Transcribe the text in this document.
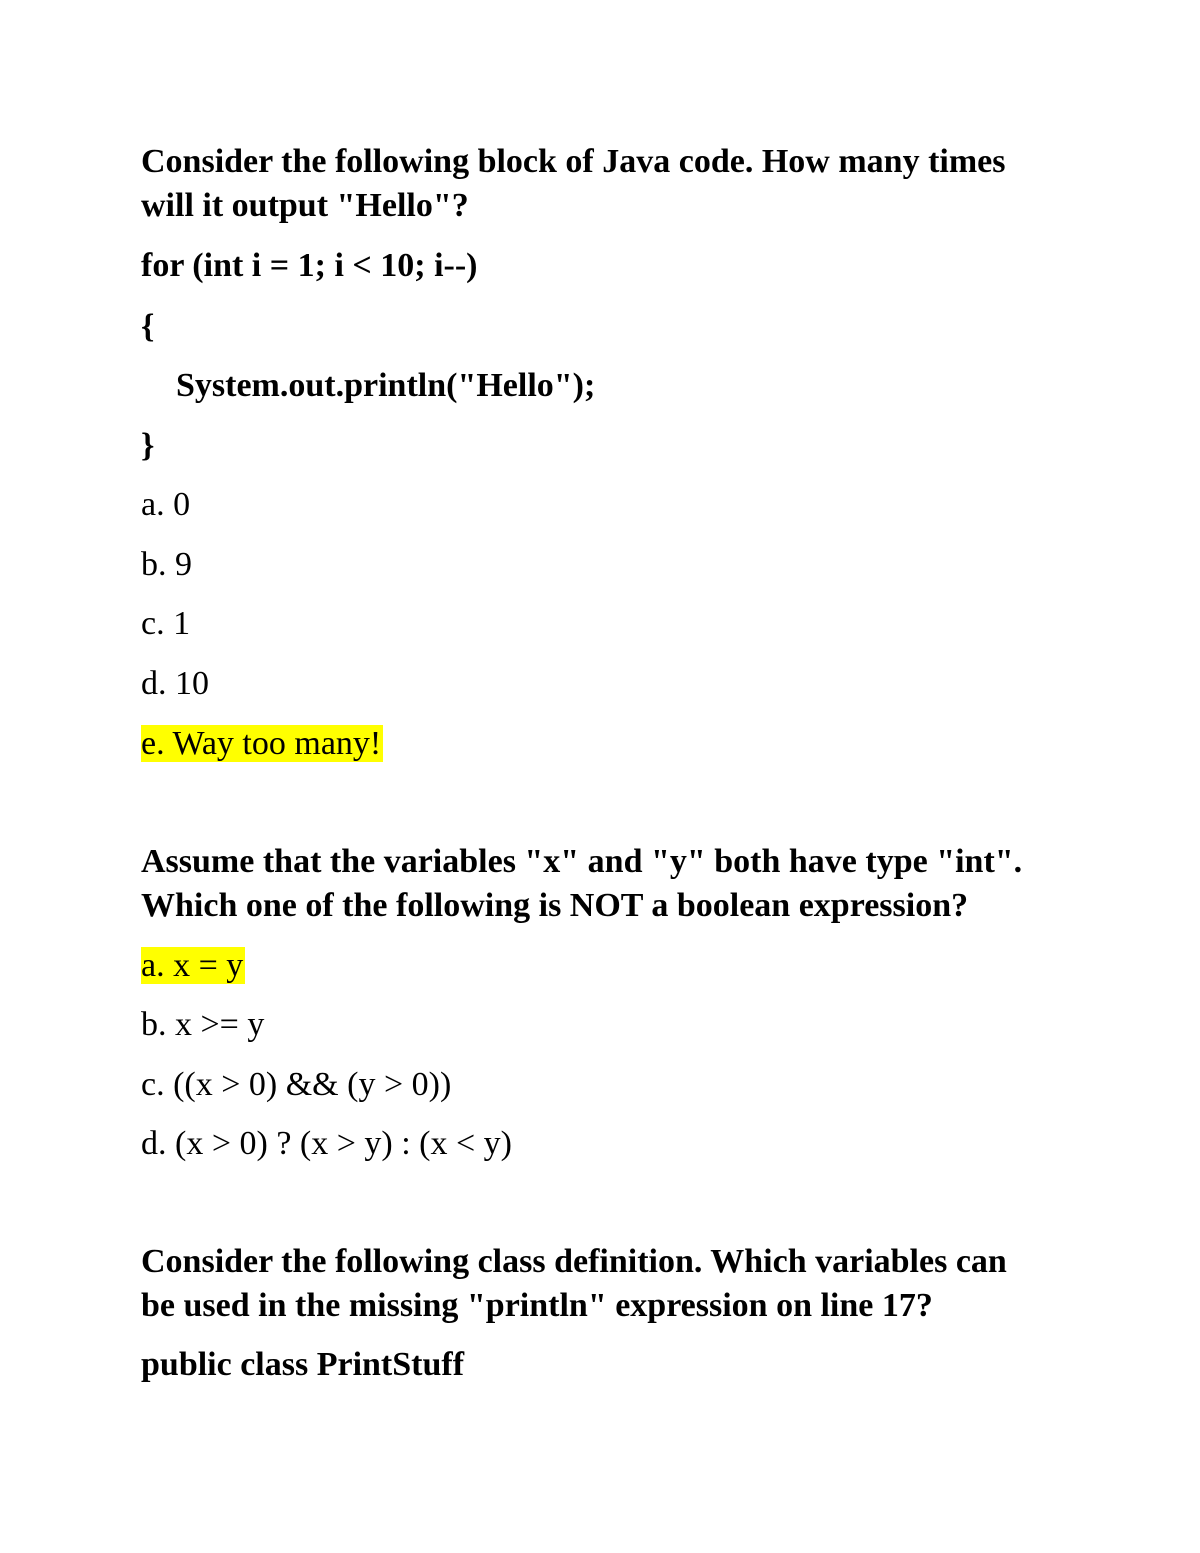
Consider the following block of Java code. How many times

will it output "Hello"?

for (int i = 1; i < 10; i--)

{

System.out.println("Hello");

}

a. 0

b. 9

c. 1

d. 10

e. Way too many!

Assume that the variables "x" and "y" both have type "int".

Which one of the following is NOT a boolean expression?

a. x = y

b. x >= y

c. ((x > 0) && (y > 0))

d. (x > 0) ? (x > y) : (x < y)

Consider the following class definition. Which variables can

be used in the missing "println" expression on line 17?

public class PrintStuff
